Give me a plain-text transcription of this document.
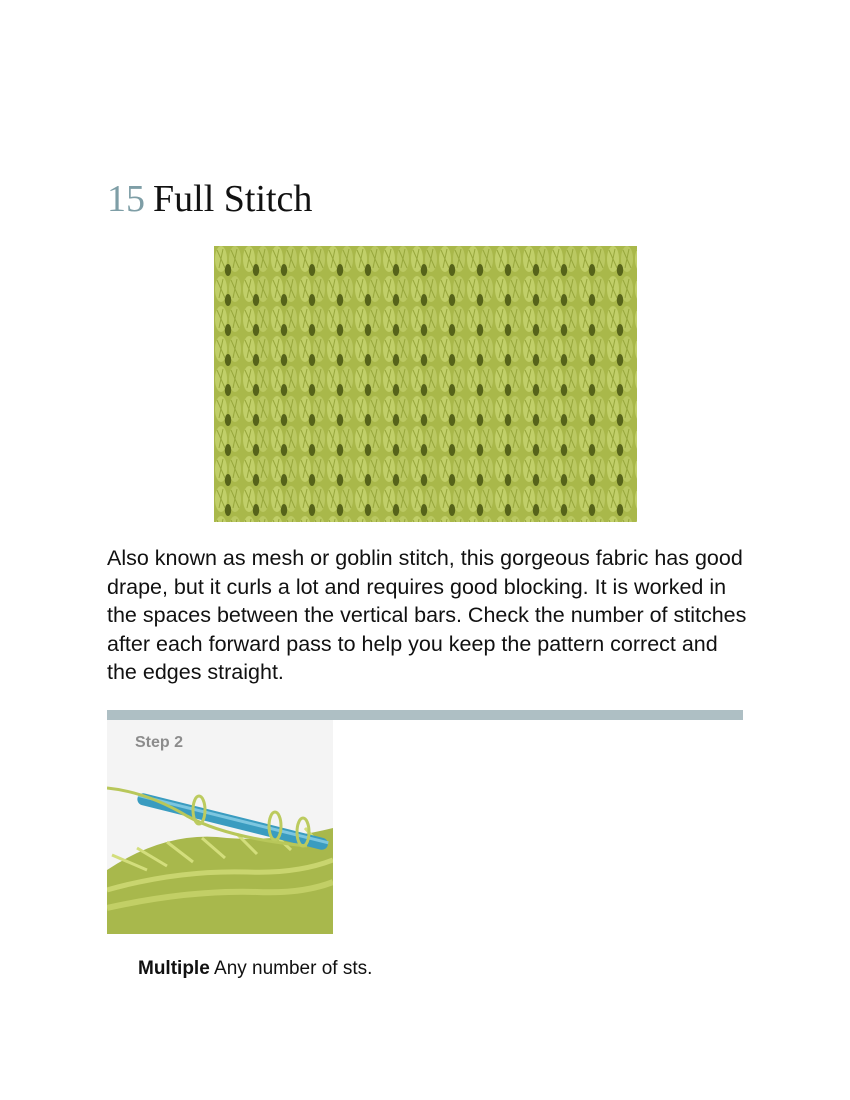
15 Full Stitch

Also known as mesh or goblin stitch, this gorgeous fabric has good drape, but it curls a lot and requires good blocking. It is worked in the spaces between the vertical bars. Check the number of stitches after each forward pass to help you keep the pattern correct and the edges straight.

Step 2

Multiple Any number of sts.
